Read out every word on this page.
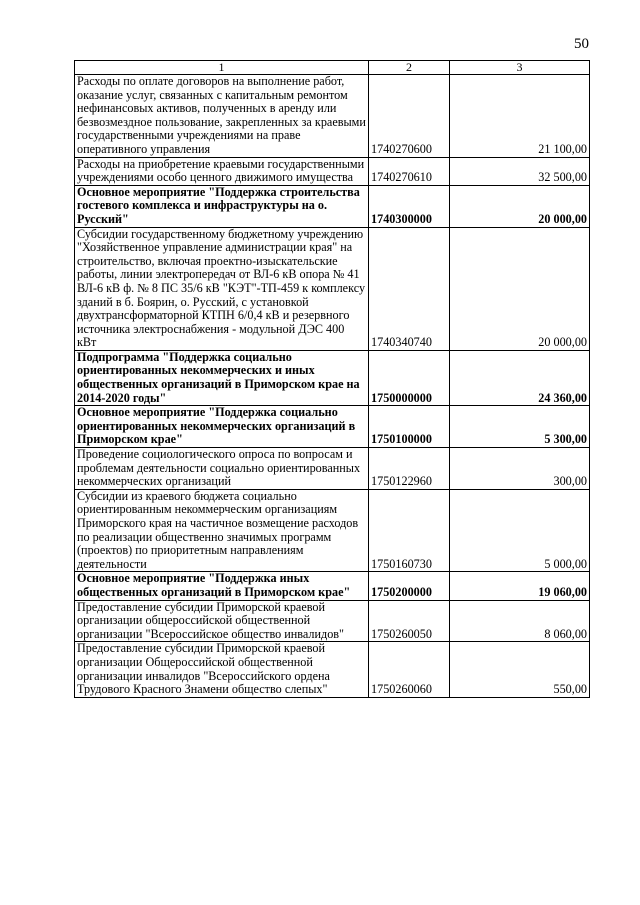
50
1	2	3
Расходы по оплате договоров на выполнение работ, оказание услуг, связанных с капитальным ремонтом нефинансовых активов, полученных в аренду или безвозмездное пользование, закрепленных за краевыми государственными учреждениями на праве оперативного управления	1740270600	21 100,00
Расходы на приобретение краевыми государственными учреждениями особо ценного движимого имущества	1740270610	32 500,00
Основное мероприятие "Поддержка строительства гостевого комплекса и инфраструктуры на о. Русский"	1740300000	20 000,00
Субсидии государственному бюджетному учреждению "Хозяйственное управление администрации края" на строительство, включая проектно-изыскательские работы, линии электропередач от ВЛ-6 кВ опора № 41 ВЛ-6 кВ ф. № 8 ПС 35/6 кВ "КЭТ"-ТП-459 к комплексу зданий в б. Боярин, о. Русский, с установкой двухтрансформаторной КТПН 6/0,4 кВ и резервного источника электроснабжения - модульной ДЭС 400 кВт	1740340740	20 000,00
Подпрограмма "Поддержка социально ориентированных некоммерческих и иных общественных организаций в Приморском крае на 2014-2020 годы"	1750000000	24 360,00
Основное мероприятие "Поддержка социально ориентированных некоммерческих организаций в Приморском крае"	1750100000	5 300,00
Проведение социологического опроса по вопросам и проблемам деятельности социально ориентированных некоммерческих организаций	1750122960	300,00
Субсидии из краевого бюджета социально ориентированным некоммерческим организациям Приморского края на частичное возмещение расходов по реализации общественно значимых программ (проектов) по приоритетным направлениям деятельности	1750160730	5 000,00
Основное мероприятие "Поддержка иных общественных организаций в Приморском крае"	1750200000	19 060,00
Предоставление субсидии Приморской краевой организации общероссийской общественной организации "Всероссийское общество инвалидов"	1750260050	8 060,00
Предоставление субсидии Приморской краевой организации Общероссийской общественной организации инвалидов "Всероссийского ордена Трудового Красного Знамени общество слепых"	1750260060	550,00
